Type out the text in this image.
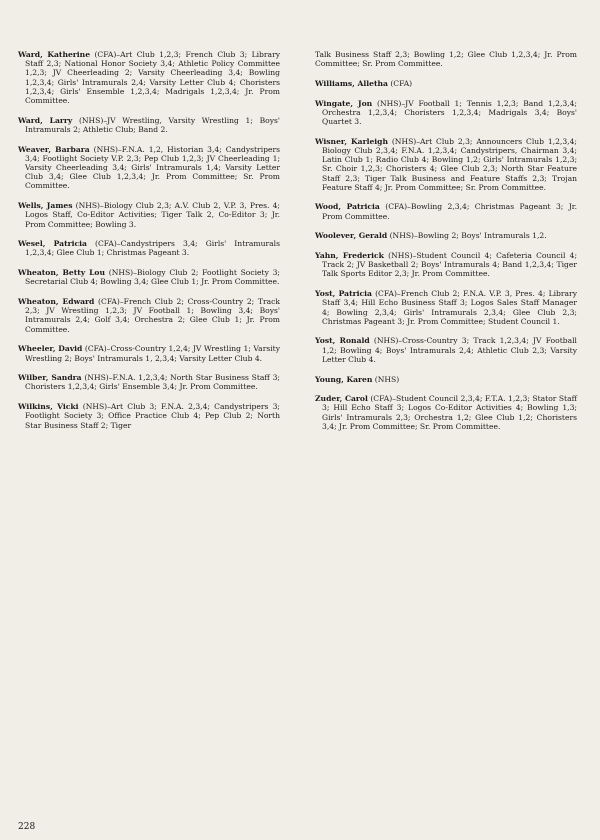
Ward, Katherine (CFA)–Art Club 1,2,3; French Club 3; Library Staff 2,3; National Honor Society 3,4; Athletic Policy Committee 1,2,3; JV Cheerleading 2; Varsity Cheerleading 3,4; Bowling 1,2,3,4; Girls' Intramurals 2,4; Varsity Letter Club 4; Choristers 1,2,3,4; Girls' Ensemble 1,2,3,4; Madrigals 1,2,3,4; Jr. Prom Committee.

Ward, Larry (NHS)–JV Wrestling, Varsity Wrestling 1; Boys' Intramurals 2; Athletic Club; Band 2.

Weaver, Barbara (NHS)–F.N.A. 1,2, Historian 3,4; Candystripers 3,4; Footlight Society V.P. 2,3; Pep Club 1,2,3; JV Cheerleading 1; Varsity Cheerleading 3,4; Girls' Intramurals 1,4; Varsity Letter Club 3,4; Glee Club 1,2,3,4; Jr. Prom Committee; Sr. Prom Committee.

Wells, James (NHS)–Biology Club 2,3; A.V. Club 2, V.P. 3, Pres. 4; Logos Staff, Co-Editor Activities; Tiger Talk 2, Co-Editor 3; Jr. Prom Committee; Bowling 3.

Wesel, Patricia (CFA)–Candystripers 3,4; Girls' Intramurals 1,2,3,4; Glee Club 1; Christmas Pageant 3.

Wheaton, Betty Lou (NHS)–Biology Club 2; Footlight Society 3; Secretarial Club 4; Bowling 3,4; Glee Club 1; Jr. Prom Committee.

Wheaton, Edward (CFA)–French Club 2; Cross-Country 2; Track 2,3; JV Wrestling 1,2,3; JV Football 1; Bowling 3,4; Boys' Intramurals 2,4; Golf 3,4; Orchestra 2; Glee Club 1; Jr. Prom Committee.

Wheeler, David (CFA)–Cross-Country 1,2,4; JV Wrestling 1; Varsity Wrestling 2; Boys' Intramurals 1, 2,3,4; Varsity Letter Club 4.

Wilber, Sandra (NHS)–F.N.A. 1,2,3,4; North Star Business Staff 3; Choristers 1,2,3,4; Girls' Ensemble 3,4; Jr. Prom Committee.

Wilkins, Vicki (NHS)–Art Club 3; F.N.A. 2,3,4; Candystripers 3; Footlight Society 3; Office Practice Club 4; Pep Club 2; North Star Business Staff 2; Tiger

Talk Business Staff 2,3; Bowling 1,2; Glee Club 1,2,3,4; Jr. Prom Committee; Sr. Prom Committee.

Williams, Alletha (CFA)

Wingate, Jon (NHS)–JV Football 1; Tennis 1,2,3; Band 1,2,3,4; Orchestra 1,2,3,4; Choristers 1,2,3,4; Madrigals 3,4; Boys' Quartet 3.

Wisner, Karleigh (NHS)–Art Club 2,3; Announcers Club 1,2,3,4; Biology Club 2,3,4; F.N.A. 1,2,3,4; Candystripers, Chairman 3,4; Latin Club 1; Radio Club 4; Bowling 1,2; Girls' Intramurals 1,2,3; Sr. Choir 1,2,3; Choristers 4; Glee Club 2,3; North Star Feature Staff 2,3; Tiger Talk Business and Feature Staffs 2,3; Trojan Feature Staff 4; Jr. Prom Committee; Sr. Prom Committee.

Wood, Patricia (CFA)–Bowling 2,3,4; Christmas Pageant 3; Jr. Prom Committee.

Woolever, Gerald (NHS)–Bowling 2; Boys' Intramurals 1,2.

Yahn, Frederick (NHS)–Student Council 4; Cafeteria Council 4; Track 2; JV Basketball 2; Boys' Intramurals 4; Band 1,2,3,4; Tiger Talk Sports Editor 2,3; Jr. Prom Committee.

Yost, Patricia (CFA)–French Club 2; F.N.A. V.P. 3, Pres. 4; Library Staff 3,4; Hill Echo Business Staff 3; Logos Sales Staff Manager 4; Bowling 2,3,4; Girls' Intramurals 2,3,4; Glee Club 2,3; Christmas Pageant 3; Jr. Prom Committee; Student Council 1.

Yost, Ronald (NHS)–Cross-Country 3; Track 1,2,3,4; JV Football 1,2; Bowling 4; Boys' Intramurals 2,4; Athletic Club 2,3; Varsity Letter Club 4.

Young, Karen (NHS)

Zuder, Carol (CFA)–Student Council 2,3,4; F.T.A. 1,2,3; Stator Staff 3; Hill Echo Staff 3; Logos Co-Editor Activities 4; Bowling 1,3; Girls' Intramurals 2,3; Orchestra 1,2; Glee Club 1,2; Choristers 3,4; Jr. Prom Committee; Sr. Prom Committee.

228
